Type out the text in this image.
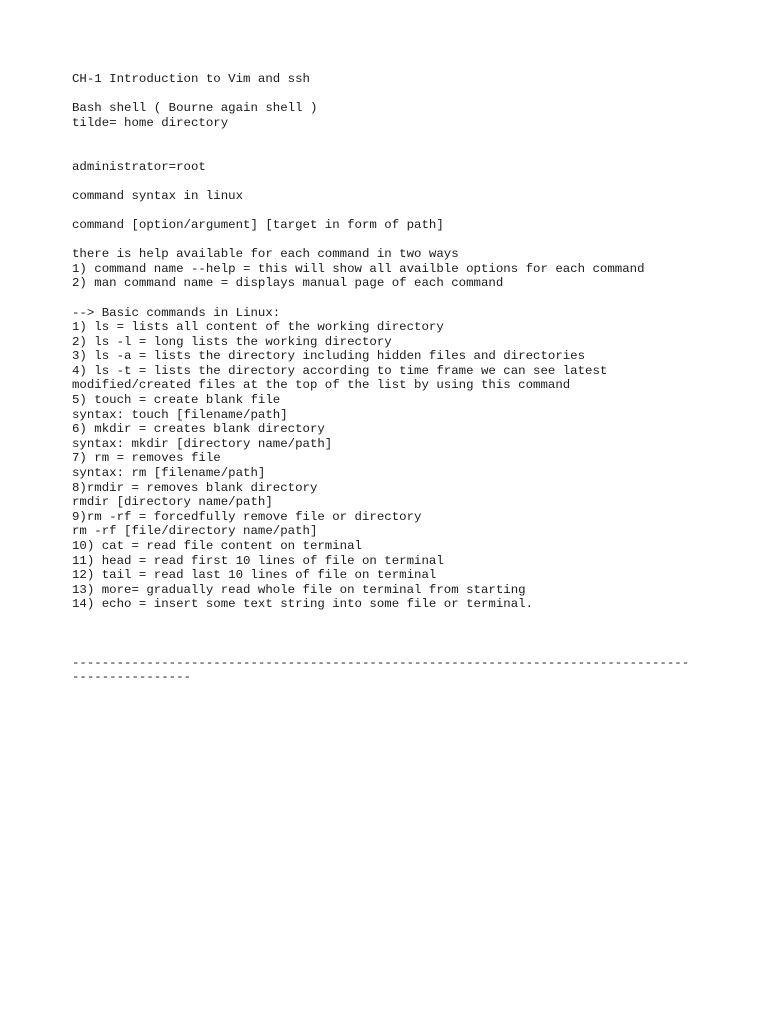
CH-1 Introduction to Vim and ssh
Bash shell ( Bourne again shell )
tilde= home directory
administrator=root
command syntax in linux
command [option/argument] [target in form of path]
there is help available for each command in two ways
1) command name --help = this will show all availble options for each command
2) man command name = displays manual page of each command
--> Basic commands in Linux:
1) ls = lists all content of the working directory
2) ls -l = long lists the working directory
3) ls -a = lists the directory including hidden files and directories
4) ls -t = lists the directory according to time frame we can see latest
modified/created files at the top of the list by using this command
5) touch = create blank file
syntax: touch [filename/path]
6) mkdir = creates blank directory
syntax: mkdir [directory name/path]
7) rm = removes file
syntax: rm [filename/path]
8)rmdir = removes blank directory
rmdir [directory name/path]
9)rm -rf = forcedfully remove file or directory
rm -rf [file/directory name/path]
10) cat = read file content on terminal
11) head = read first 10 lines of file on terminal
12) tail = read last 10 lines of file on terminal
13) more= gradually read whole file on terminal from starting
14) echo = insert some text string into some file or terminal.
-----------------------------------------------------------------------------------
----------------
